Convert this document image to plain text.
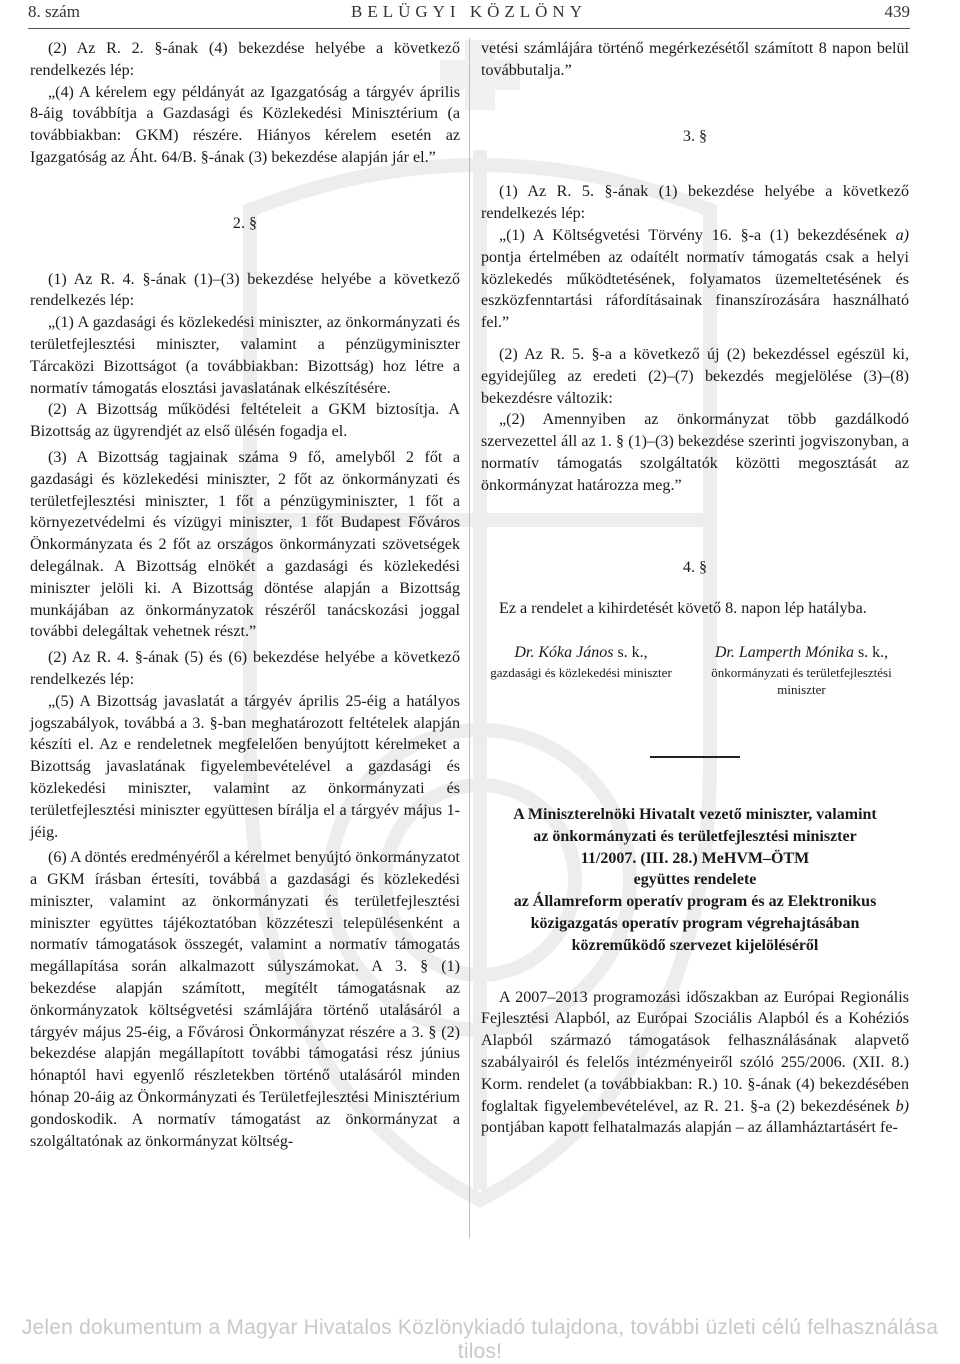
8. szám	BELÜGYI KÖZLÖNY	439

(2) Az R. 2. §-ának (4) bekezdése helyébe a következő rendelkezés lép:

„(4) A kérelem egy példányát az Igazgatóság a tárgyév április 8-áig továbbítja a Gazdasági és Közlekedési Minisztérium (a továbbiakban: GKM) részére. Hiányos kérelem esetén az Igazgatóság az Áht. 64/B. §-ának (3) bekezdése alapján jár el.”

2. §

(1) Az R. 4. §-ának (1)–(3) bekezdése helyébe a következő rendelkezés lép:

„(1) A gazdasági és közlekedési miniszter, az önkormányzati és területfejlesztési miniszter, valamint a pénzügyminiszter Tárcaközi Bizottságot (a továbbiakban: Bizottság) hoz létre a normatív támogatás elosztási javaslatának elkészítésére.

(2) A Bizottság működési feltételeit a GKM biztosítja. A Bizottság az ügyrendjét az első ülésén fogadja el.

(3) A Bizottság tagjainak száma 9 fő, amelyből 2 főt a gazdasági és közlekedési miniszter, 2 főt az önkormányzati és területfejlesztési miniszter, 1 főt a pénzügyminiszter, 1 főt a környezetvédelmi és vízügyi miniszter, 1 főt Budapest Főváros Önkormányzata és 2 főt az országos önkormányzati szövetségek delegálnak. A Bizottság elnökét a gazdasági és közlekedési miniszter jelöli ki. A Bizottság döntése alapján a Bizottság munkájában az önkormányzatok részéről tanácskozási joggal további delegáltak vehetnek részt.”

(2) Az R. 4. §-ának (5) és (6) bekezdése helyébe a következő rendelkezés lép:

„(5) A Bizottság javaslatát a tárgyév április 25-éig a hatályos jogszabályok, továbbá a 3. §-ban meghatározott feltételek alapján készíti el. Az e rendeletnek megfelelően benyújtott kérelmeket a Bizottság javaslatának figyelembevételével a gazdasági és közlekedési miniszter, valamint az önkormányzati és területfejlesztési miniszter együttesen bírálja el a tárgyév május 1-jéig.

(6) A döntés eredményéről a kérelmet benyújtó önkormányzatot a GKM írásban értesíti, továbbá a gazdasági és közlekedési miniszter, valamint az önkormányzati és területfejlesztési miniszter együttes tájékoztatóban közzéteszi településenként a normatív támogatások összegét, valamint a normatív támogatás megállapítása során alkalmazott súlyszámokat. A 3. § (1) bekezdése alapján számított, megítélt támogatásnak az önkormányzatok költségvetési számlájára történő utalásáról a tárgyév május 25-éig, a Fővárosi Önkormányzat részére a 3. § (2) bekezdése alapján megállapított további támogatási rész június hónaptól havi egyenlő részletekben történő utalásáról minden hónap 20-áig az Önkormányzati és Területfejlesztési Minisztérium gondoskodik. A normatív támogatást az önkormányzat a szolgáltatónak az önkormányzat költség-

vetési számlájára történő megérkezésétől számított 8 napon belül továbbutalja.”

3. §

(1) Az R. 5. §-ának (1) bekezdése helyébe a következő rendelkezés lép:

„(1) A Költségvetési Törvény 16. §-a (1) bekezdésének a) pontja értelmében az odaítélt normatív támogatás csak a helyi közlekedés működtetésének, folyamatos üzemeltetésének és eszközfenntartási ráfordításainak finanszírozására használható fel.”

(2) Az R. 5. §-a a következő új (2) bekezdéssel egészül ki, egyidejűleg az eredeti (2)–(7) bekezdés megjelölése (3)–(8) bekezdésre változik:

„(2) Amennyiben az önkormányzat több gazdálkodó szervezettel áll az 1. § (1)–(3) bekezdése szerinti jogviszonyban, a normatív támogatás szolgáltatók közötti megosztását az önkormányzat határozza meg.”

4. §

Ez a rendelet a kihirdetését követő 8. napon lép hatályba.

Dr. Kóka János s. k.,
gazdasági és közlekedési miniszter
Dr. Lamperth Mónika s. k.,
önkormányzati és területfejlesztési miniszter
A Miniszterelnöki Hivatalt vezető miniszter, valamint
az önkormányzati és területfejlesztési miniszter
11/2007. (III. 28.) MeHVM–ÖTM
együttes rendelete
az Államreform operatív program és az Elektronikus
közigazgatás operatív program végrehajtásában
közreműködő szervezet kijelöléséről

A 2007–2013 programozási időszakban az Európai Regionális Fejlesztési Alapból, az Európai Szociális Alapból és a Kohéziós Alapból származó támogatások felhasználásának alapvető szabályairól és felelős intézményeiről szóló 255/2006. (XII. 8.) Korm. rendelet (a továbbiakban: R.) 10. §-ának (4) bekezdésében foglaltak figyelembevételével, az R. 21. §-a (2) bekezdésének b) pontjában kapott felhatalmazás alapján – az államháztartásért fe-

Jelen dokumentum a Magyar Hivatalos Közlönykiadó tulajdona, további üzleti célú felhasználása tilos!
